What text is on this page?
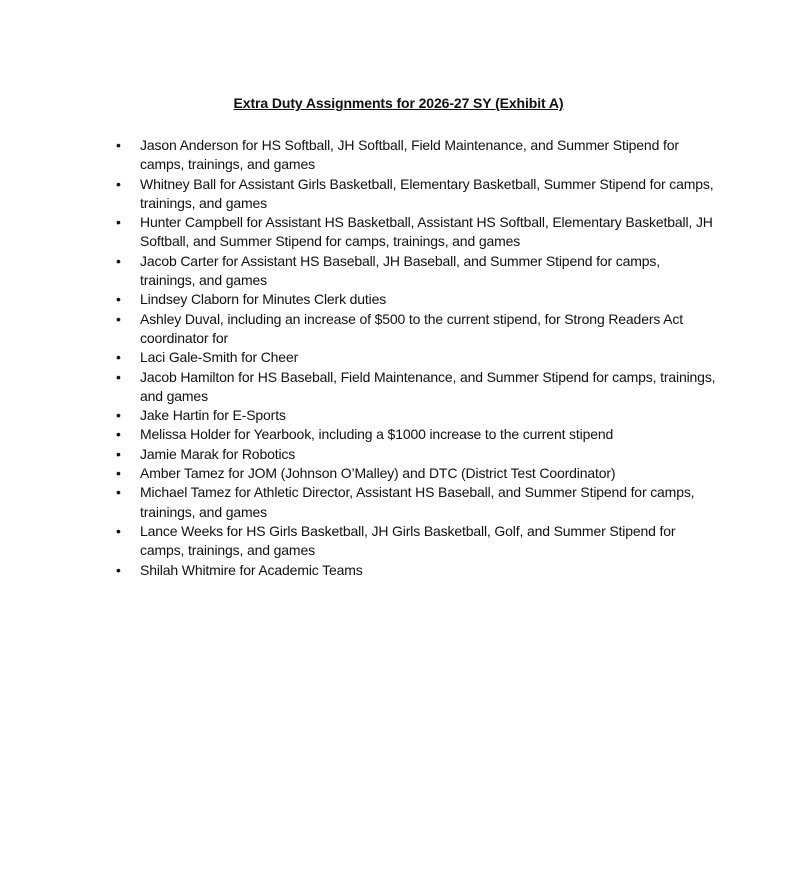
Extra Duty Assignments for 2026-27 SY (Exhibit A)
•	Jason Anderson for HS Softball, JH Softball, Field Maintenance, and Summer Stipend for camps, trainings, and games
•	Whitney Ball for Assistant Girls Basketball, Elementary Basketball, Summer Stipend for camps, trainings, and games
•	Hunter Campbell for Assistant HS Basketball, Assistant HS Softball, Elementary Basketball, JH Softball, and Summer Stipend for camps, trainings, and games
•	Jacob Carter for Assistant HS Baseball, JH Baseball, and Summer Stipend for camps, trainings, and games
•	Lindsey Claborn for Minutes Clerk duties
•	Ashley Duval, including an increase of $500 to the current stipend, for Strong Readers Act coordinator for
•	Laci Gale-Smith for Cheer
•	Jacob Hamilton for HS Baseball, Field Maintenance, and Summer Stipend for camps, trainings, and games
•	Jake Hartin for E-Sports
•	Melissa Holder for Yearbook, including a $1000 increase to the current stipend
•	Jamie Marak for Robotics
•	Amber Tamez for JOM (Johnson O’Malley) and DTC (District Test Coordinator)
•	Michael Tamez for Athletic Director, Assistant HS Baseball, and Summer Stipend for camps, trainings, and games
•	Lance Weeks for HS Girls Basketball, JH Girls Basketball, Golf, and Summer Stipend for camps, trainings, and games
•	Shilah Whitmire for Academic Teams
